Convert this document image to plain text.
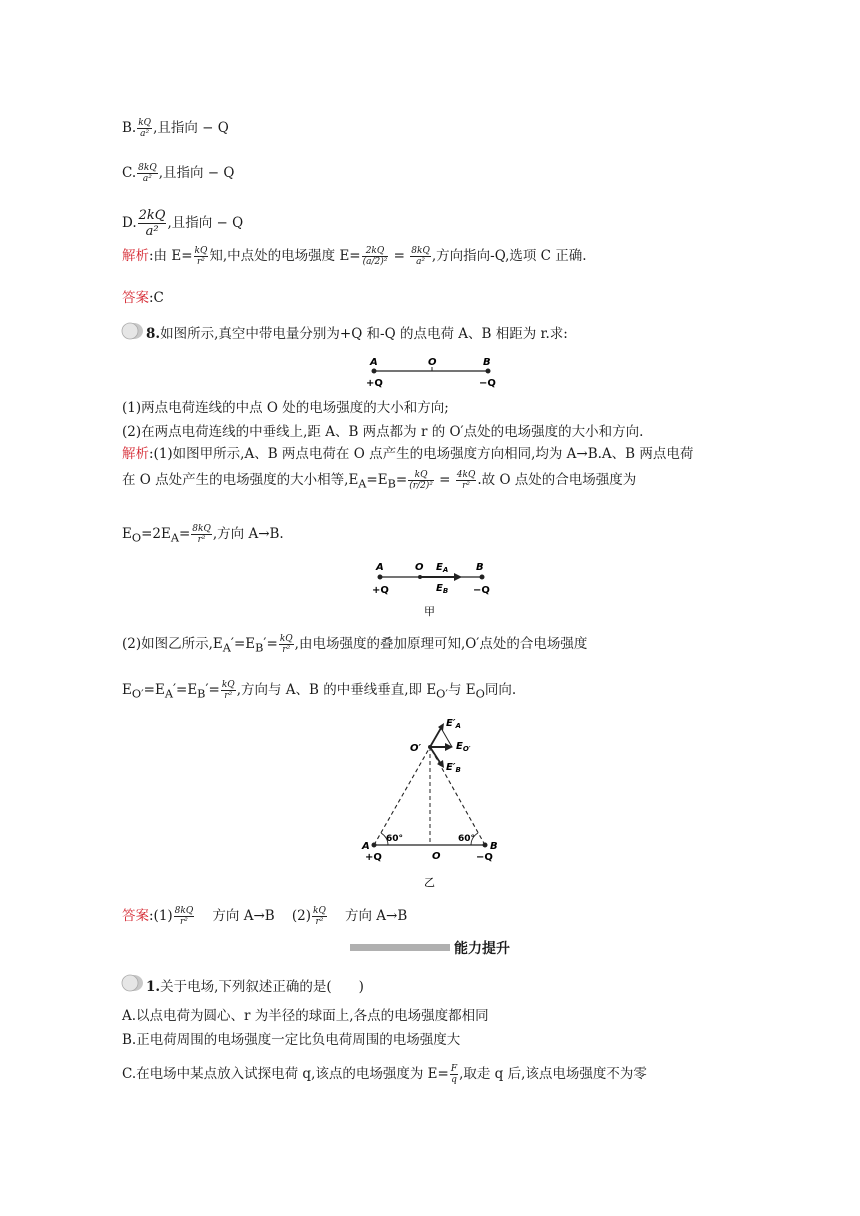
B. $\frac{kQ}{\text{a²}}$ ,且指向 − Q
C. $\frac{8kQ}{\text{a²}}$ ,且指向 − Q
D. $\frac{2kQ}{\text{a²}}$ ,且指向 − Q
解析:由 $E= \frac{kQ}{\text{r²}}$ 知,中点处的电场强度 $E= \frac{2kQ}{\text{(a/2)²}} = \frac{8kQ}{\text{a²}}$ ,方向指向-Q,选项 C 正确.
答案:C
8.如图所示,真空中带电量分别为+Q 和-Q 的点电荷 A、B 相距为 r.求:
A	O	B
+Q	−Q
(1)两点电荷连线的中点 O 处的电场强度的大小和方向;
(2)在两点电荷连线的中垂线上,距 A、B 两点都为 r 的 O′点处的电场强度的大小和方向.
解析:(1)如图甲所示,A、B 两点电荷在 O 点产生的电场强度方向相同,均为 A→B.A、B 两点电荷
在 O 点处产生的电场强度的大小相等$,E_A=E_B= \frac{kQ}{\text{(r/2)²}} = \frac{4kQ}{\text{r²}}$ .故 O 点处的合电场强度为
$E_O=2E_A= \frac{8kQ}{\text{r²}}$ ,方向 A→B.
A	O $E_A$	B
$E_B$
+Q	−Q
甲
(2)如图乙所示$,E_A'=E_B'= \frac{kQ}{\text{r²}}$ ,由电场强度的叠加原理可知,O′点处的合电场强度
$E_{O'}=E_A'=E_B'= \frac{kQ}{\text{r²}}$ ,方向与 A、B 的中垂线垂直,即 $E_{O'}$与 $E_O$同向.
O′
$E'_A$
$E_{O'}$
$E'_B$
60°	60°
A
+Q	O	−Q
B
乙
答案:(1) $\frac{8kQ}{\text{r²}}$ 方向 A→B $(2) \frac{kQ}{\text{r²}}$ 方向 A→B
能力提升
1.关于电场,下列叙述正确的是(　　)
A.以点电荷为圆心、r 为半径的球面上,各点的电场强度都相同
B.正电荷周围的电场强度一定比负电荷周围的电场强度大
C.在电场中某点放入试探电荷 q,该点的电场强度为 $E= \frac{F}{q}$ ,取走 q 后,该点电场强度不为零
